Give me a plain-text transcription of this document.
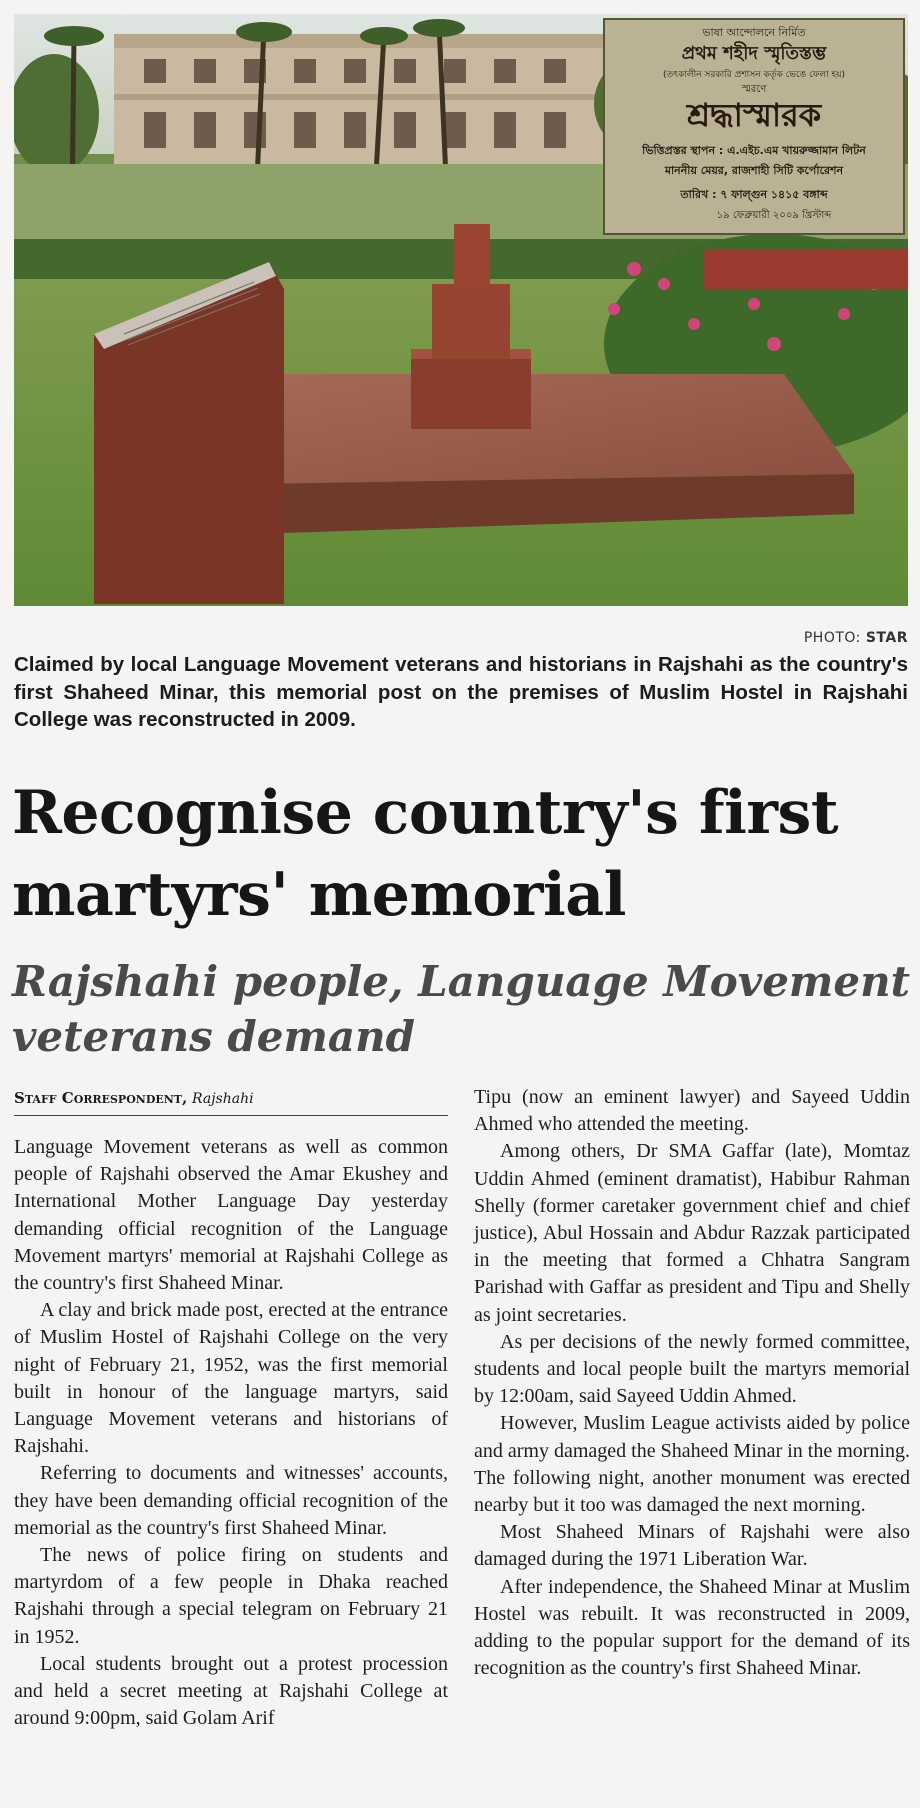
ভাষা আন্দোলনে নির্মিত
প্রথম শহীদ স্মৃতিস্তম্ভ
(তৎকালীন সরকারি প্রশাসন কর্তৃক ভেঙে ফেলা হয়)
স্মরণে
শ্রদ্ধাস্মারক
ভিত্তিপ্রস্তর স্থাপন : এ.এইচ.এম খায়রুজ্জামান লিটন
মাননীয় মেয়র, রাজশাহী সিটি কর্পোরেশন
তারিখ : ৭ ফাল্গুন ১৪১৫ বঙ্গাব্দ
১৯ ফেব্রুয়ারী ২০০৯ খ্রিস্টাব্দ
PHOTO: STAR
Claimed by local Language Movement veterans and historians in Rajshahi as the country's first Shaheed Minar, this memorial post on the premises of Muslim Hostel in Rajshahi College was reconstructed in 2009.
Recognise country's first martyrs' memorial
Rajshahi people, Language Movement veterans demand
Staff Correspondent, Rajshahi

Language Movement veterans as well as common people of Rajshahi observed the Amar Ekushey and International Mother Language Day yesterday demanding official recognition of the Language Movement martyrs' memorial at Rajshahi College as the country's first Shaheed Minar.

A clay and brick made post, erected at the entrance of Muslim Hostel of Rajshahi College on the very night of February 21, 1952, was the first memorial built in honour of the language martyrs, said Language Movement veterans and historians of Rajshahi.

Referring to documents and witnesses' accounts, they have been demanding official recognition of the memorial as the country's first Shaheed Minar.

The news of police firing on students and martyrdom of a few people in Dhaka reached Rajshahi through a special telegram on February 21 in 1952.

Local students brought out a protest procession and held a secret meeting at Rajshahi College at around 9:00pm, said Golam Arif

Tipu (now an eminent lawyer) and Sayeed Uddin Ahmed who attended the meeting.

Among others, Dr SMA Gaffar (late), Momtaz Uddin Ahmed (eminent dramatist), Habibur Rahman Shelly (former caretaker government chief and chief justice), Abul Hossain and Abdur Razzak participated in the meeting that formed a Chhatra Sangram Parishad with Gaffar as president and Tipu and Shelly as joint secretaries.

As per decisions of the newly formed committee, students and local people built the martyrs memorial by 12:00am, said Sayeed Uddin Ahmed.

However, Muslim League activists aided by police and army damaged the Shaheed Minar in the morning. The following night, another monument was erected nearby but it too was damaged the next morning.

Most Shaheed Minars of Rajshahi were also damaged during the 1971 Liberation War.

After independence, the Shaheed Minar at Muslim Hostel was rebuilt. It was reconstructed in 2009, adding to the popular support for the demand of its recognition as the country's first Shaheed Minar.
